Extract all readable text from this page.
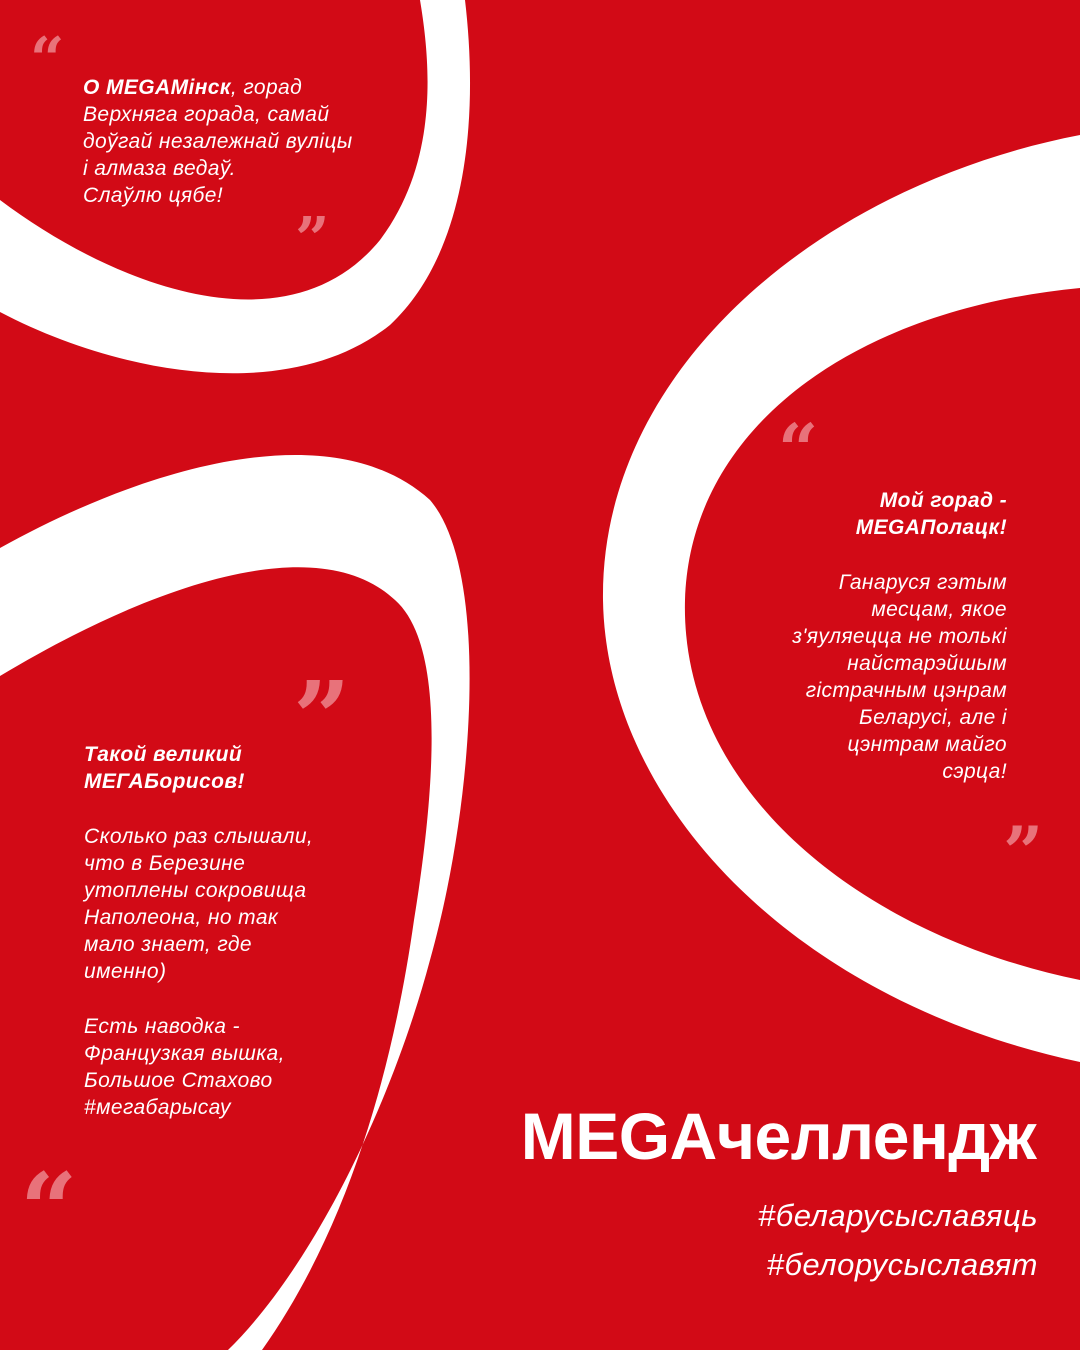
“ О MEGAМінск, горад
Верхняга горада, самай
доўгай незалежнай вуліцы
і алмаза ведаў.
Слаўлю цябе!
”
“
Мой горад -
MEGAПолацк!
Ганаруся гэтым
месцам, якое
з'яуляецца не толькі
найстарэйшым
гістрачным цэнрам
Беларусі, але і
цэнтрам майго
сэрца!
”
”
Такой великий
МЕГАБорисов!
Сколько раз слышали,
что в Березине
утоплены сокровища
Наполеона, но так
мало знает, где
именно)
Есть наводка -
Французкая вышка,
Большое Стахово
#мегабарысау
“
MEGAчеллендж
#беларусыславяць
#белорусыславят
